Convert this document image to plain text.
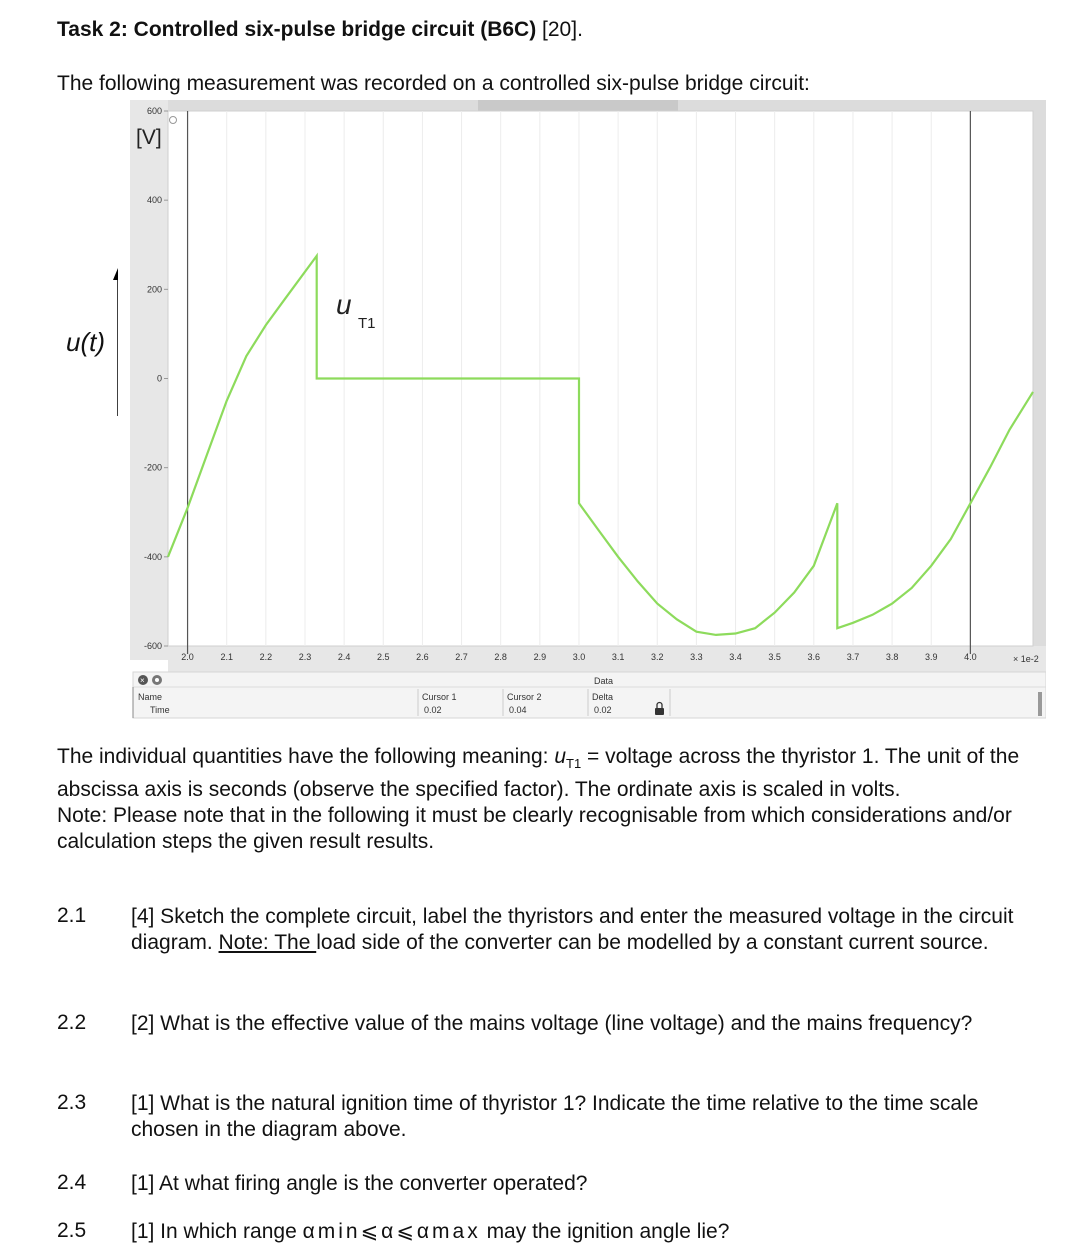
Task 2: Controlled six-pulse bridge circuit (B6C) [20].
The following measurement was recorded on a controlled six-pulse bridge circuit:
u(t)
600
400
200
0
-200
-400
-600
2.0	2.1	2.2	2.3	2.4	2.5	2.6	2.7	2.8	2.9	3.0	3.1	3.2	3.3	3.4	3.5	3.6	3.7	3.8	3.9	4.0
[V]
u
T1
× 1e-2
×	Data
Name
Time
Cursor 1
0.02
Cursor 2
0.04
Delta
0.02
The individual quantities have the following meaning: $u_{T1}$ = voltage across the thyristor 1. The unit of the abscissa axis is seconds (observe the specified factor). The ordinate axis is scaled in volts.
Note: Please note that in the following it must be clearly recognisable from which considerations and/or calculation steps the given result results.
2.1 [4] Sketch the complete circuit, label the thyristors and enter the measured voltage in the circuit diagram. Note: The load side of the converter can be modelled by a constant current source.
2.2 [2] What is the effective value of the mains voltage (line voltage) and the mains frequency?
2.3 [1] What is the natural ignition time of thyristor 1? Indicate the time relative to the time scale chosen in the diagram above.
2.4 [1] At what firing angle is the converter operated?
2.5 [1] In which range αmin⩽α⩽αmax may the ignition angle lie?
